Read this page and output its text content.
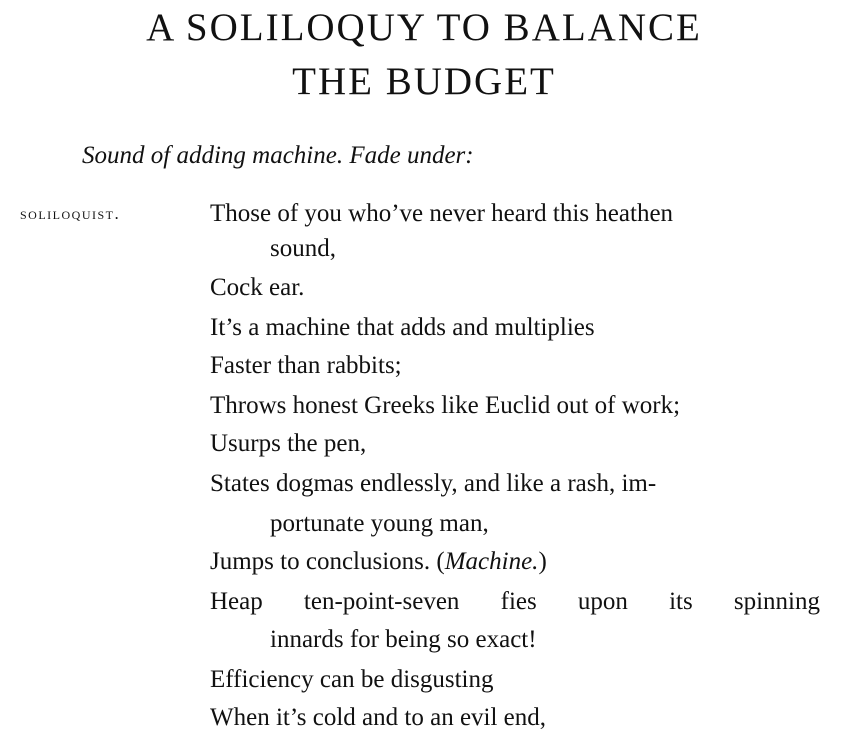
A SOLILOQUY TO BALANCE
THE BUDGET

Sound of adding machine. Fade under:

soliloquist.	Those of you who’ve never heard this heathen
sound,
Cock ear.
It’s a machine that adds and multiplies
Faster than rabbits;
Throws honest Greeks like Euclid out of work;
Usurps the pen,
States dogmas endlessly, and like a rash, im-
portunate young man,
Jumps to conclusions. (Machine.)
Heap ten-point-seven fies upon its spinning
innards for being so exact!
Efficiency can be disgusting
When it’s cold and to an evil end,
